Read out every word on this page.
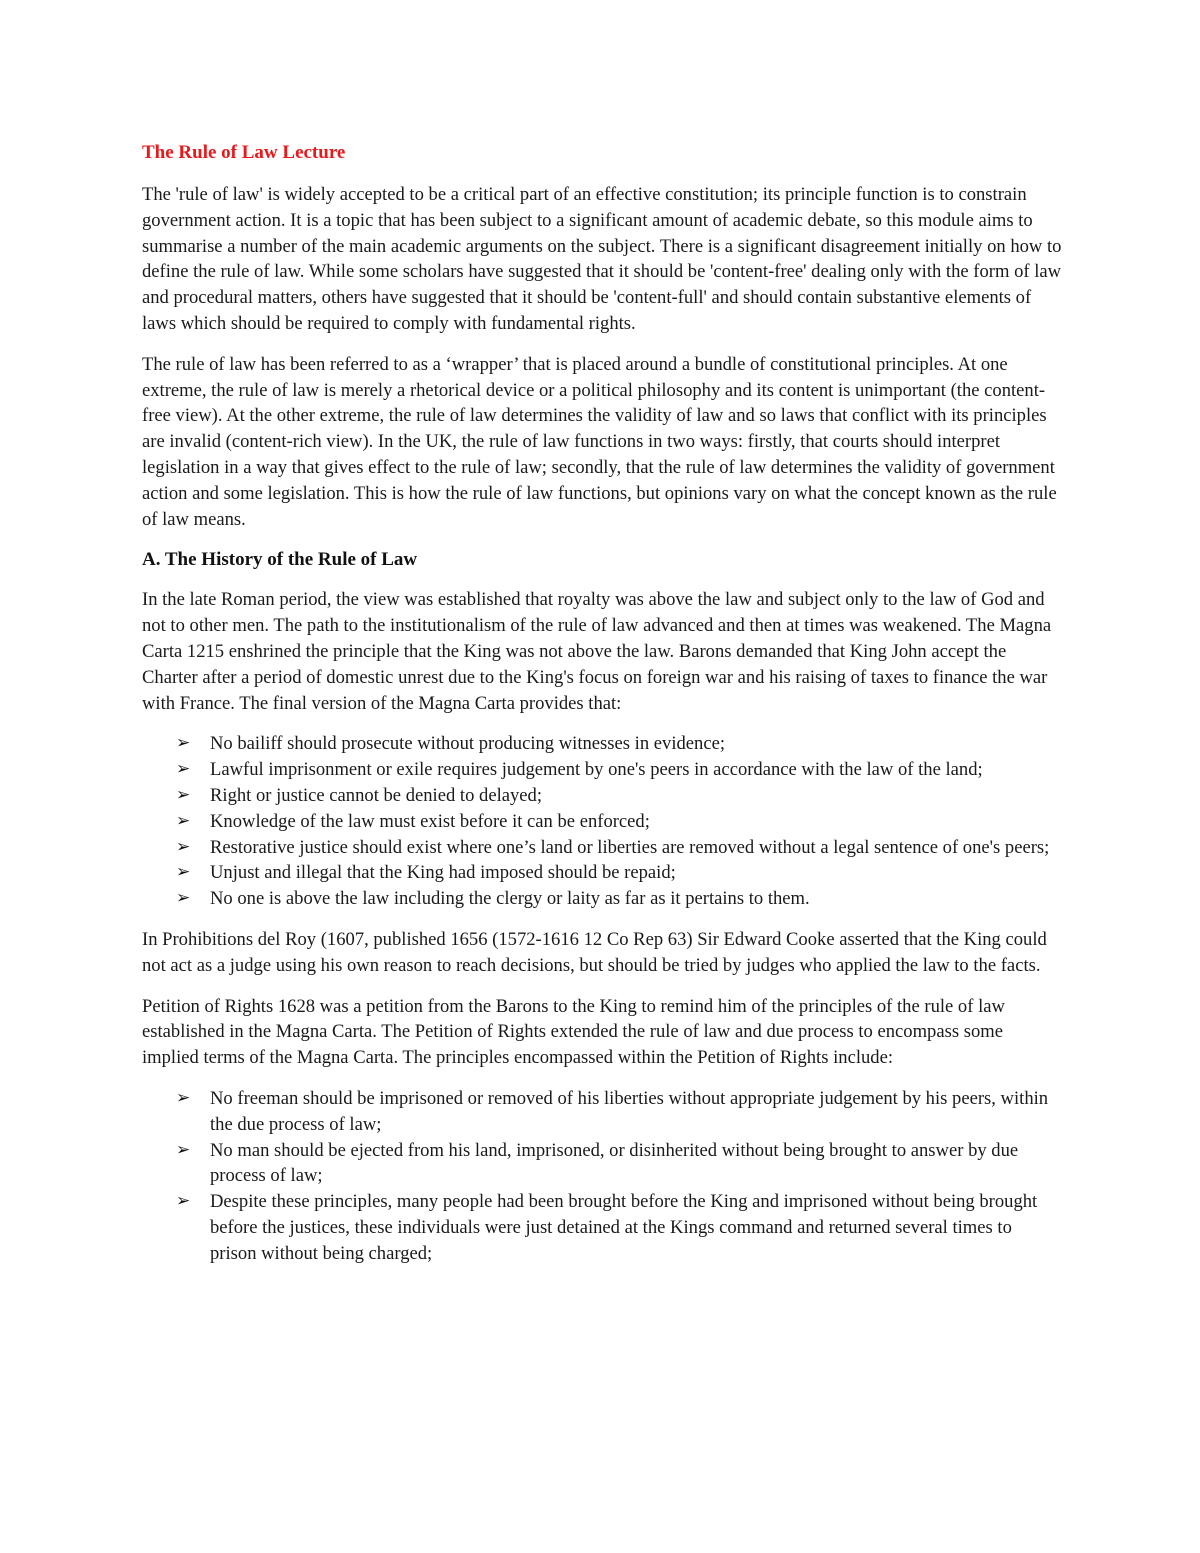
The Rule of Law Lecture

The 'rule of law' is widely accepted to be a critical part of an effective constitution; its principle function is to constrain government action. It is a topic that has been subject to a significant amount of academic debate, so this module aims to summarise a number of the main academic arguments on the subject. There is a significant disagreement initially on how to define the rule of law. While some scholars have suggested that it should be 'content-free' dealing only with the form of law and procedural matters, others have suggested that it should be 'content-full' and should contain substantive elements of laws which should be required to comply with fundamental rights.

The rule of law has been referred to as a ‘wrapper’ that is placed around a bundle of constitutional principles. At one extreme, the rule of law is merely a rhetorical device or a political philosophy and its content is unimportant (the content-free view). At the other extreme, the rule of law determines the validity of law and so laws that conflict with its principles are invalid (content-rich view). In the UK, the rule of law functions in two ways: firstly, that courts should interpret legislation in a way that gives effect to the rule of law; secondly, that the rule of law determines the validity of government action and some legislation. This is how the rule of law functions, but opinions vary on what the concept known as the rule of law means.

A. The History of the Rule of Law

In the late Roman period, the view was established that royalty was above the law and subject only to the law of God and not to other men. The path to the institutionalism of the rule of law advanced and then at times was weakened. The Magna Carta 1215 enshrined the principle that the King was not above the law. Barons demanded that King John accept the Charter after a period of domestic unrest due to the King's focus on foreign war and his raising of taxes to finance the war with France. The final version of the Magna Carta provides that:

➢ No bailiff should prosecute without producing witnesses in evidence;
➢ Lawful imprisonment or exile requires judgement by one's peers in accordance with the law of the land;
➢ Right or justice cannot be denied to delayed;
➢ Knowledge of the law must exist before it can be enforced;
➢ Restorative justice should exist where one’s land or liberties are removed without a legal sentence of one's peers;
➢ Unjust and illegal that the King had imposed should be repaid;
➢ No one is above the law including the clergy or laity as far as it pertains to them.

In Prohibitions del Roy (1607, published 1656 (1572-1616 12 Co Rep 63) Sir Edward Cooke asserted that the King could not act as a judge using his own reason to reach decisions, but should be tried by judges who applied the law to the facts.

Petition of Rights 1628 was a petition from the Barons to the King to remind him of the principles of the rule of law established in the Magna Carta. The Petition of Rights extended the rule of law and due process to encompass some implied terms of the Magna Carta. The principles encompassed within the Petition of Rights include:

➢ No freeman should be imprisoned or removed of his liberties without appropriate judgement by his peers, within the due process of law;
➢ No man should be ejected from his land, imprisoned, or disinherited without being brought to answer by due process of law;
➢ Despite these principles, many people had been brought before the King and imprisoned without being brought before the justices, these individuals were just detained at the Kings command and returned several times to prison without being charged;
